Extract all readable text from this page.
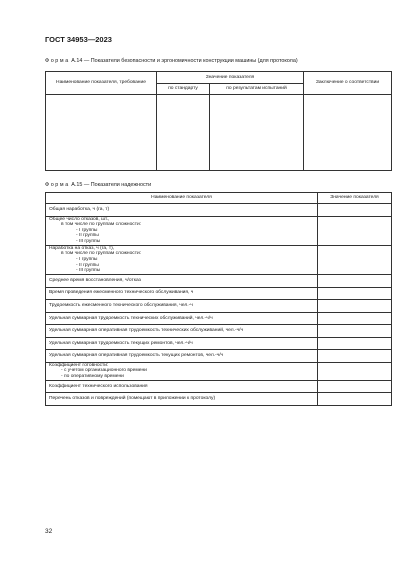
ГОСТ 34953—2023
Форма А.14 — Показатели безопасности и эргономичности конструкции машины (для протокола)
Наименование показателя, требование	Значение показателя		Заключение о соответствии
	по стандарту	по результатам испытаний	

Форма А.15 — Показатели надежности
Наименование показателя	Значение показателя

Общая наработка, ч (га, т)	

Общее число отказов, шт.,
в том числе по группам сложности:
- I группы
- II группы
- III группы	

Наработка на отказ, ч (га, т),
в том числе по группам сложности:
- I группы
- II группы
- III группы	

Среднее время восстановления, ч/отказ	

Время проведения ежесменного технического обслуживания, ч	

Трудоемкость ежесменного технического обслуживания, чел.-ч	

Удельная суммарная трудоемкость технических обслуживаний, чел.-ч/ч	

Удельная суммарная оперативная трудоемкость технических обслуживаний, чел.-ч/ч	

Удельная суммарная трудоемкость текущих ремонтов, чел.-ч/ч	

Удельная суммарная оперативная трудоемкость текущих ремонтов, чел.-ч/ч	

Коэффициент готовности:
- с учетом организационного времени
- по оперативному времени	

Коэффициент технического использования	

Перечень отказов и повреждений (помещают в приложении к протоколу)	

32
